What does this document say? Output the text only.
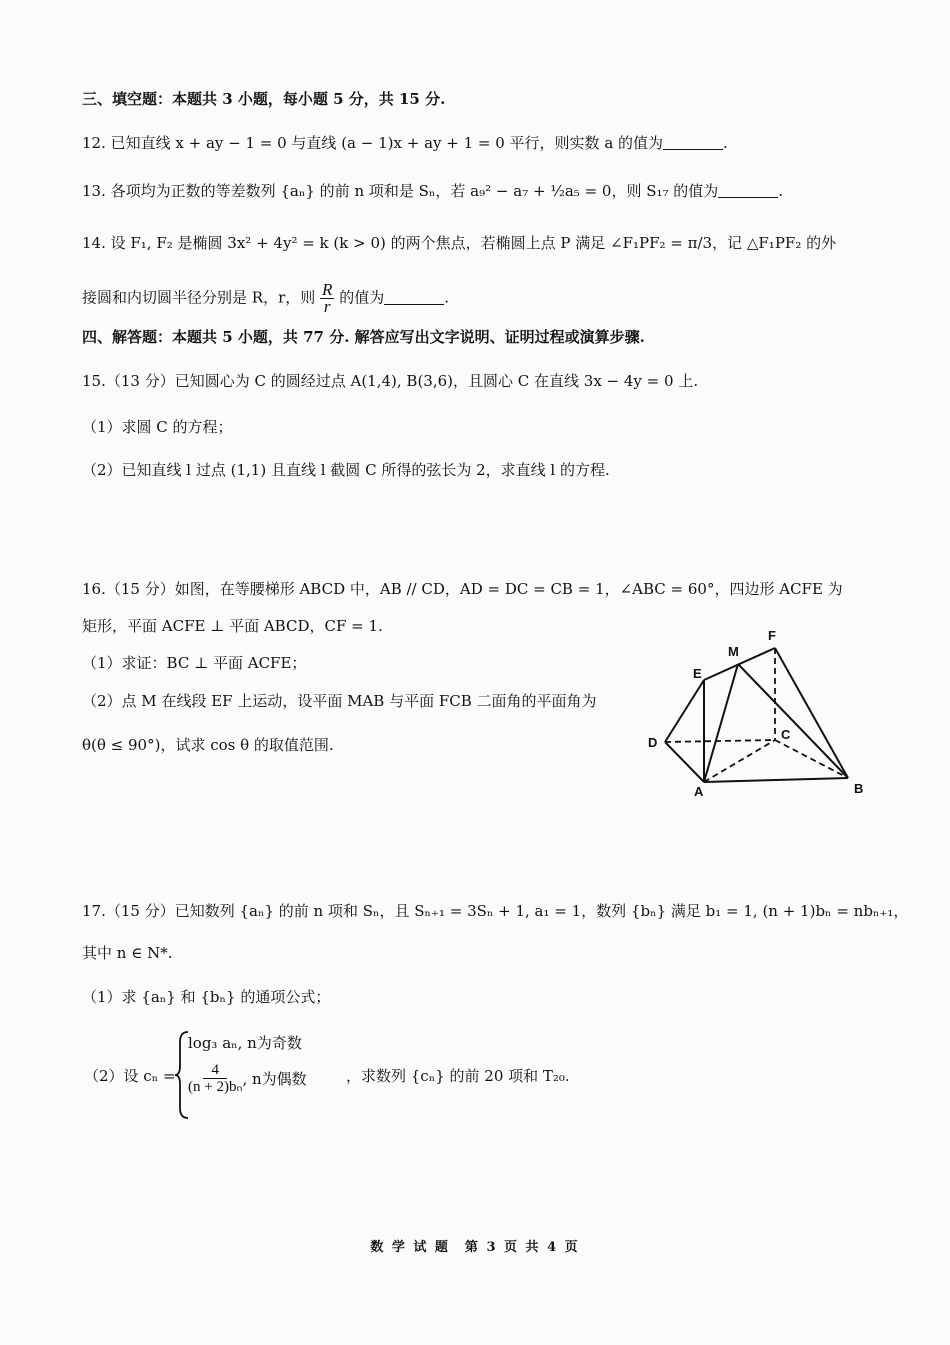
三、填空题：本题共 3 小题，每小题 5 分，共 15 分.
12. 已知直线 x + ay − 1 = 0 与直线 (a − 1)x + ay + 1 = 0 平行，则实数 a 的值为	.
13. 各项均为正数的等差数列 {aₙ} 的前 n 项和是 Sₙ，若 a₉² − a₇ + ½a₅ = 0，则 S₁₇ 的值为	.
14. 设 F₁, F₂ 是椭圆 3x² + 4y² = k (k > 0) 的两个焦点，若椭圆上点 P 满足 ∠F₁PF₂ = π/3，记 △F₁PF₂ 的外
接圆和内切圆半径分别是 R，r，则 $\frac{R}{r}$ 的值为	.
四、解答题：本题共 5 小题，共 77 分. 解答应写出文字说明、证明过程或演算步骤.
15.（13 分）已知圆心为 C 的圆经过点 A(1,4), B(3,6)，且圆心 C 在直线 3x − 4y = 0 上.
（1）求圆 C 的方程；
（2）已知直线 l 过点 (1,1) 且直线 l 截圆 C 所得的弦长为 2，求直线 l 的方程.
16.（15 分）如图，在等腰梯形 ABCD 中，AB // CD，AD = DC = CB = 1，∠ABC = 60°，四边形 ACFE 为
矩形，平面 ACFE ⊥ 平面 ABCD，CF = 1.
（1）求证：BC ⊥ 平面 ACFE；
（2）点 M 在线段 EF 上运动，设平面 MAB 与平面 FCB 二面角的平面角为
θ(θ ≤ 90°)，试求 cos θ 的取值范围.
F
M
E
C
D
A	B
17.（15 分）已知数列 {aₙ} 的前 n 项和 Sₙ，且 Sₙ₊₁ = 3Sₙ + 1, a₁ = 1，数列 {bₙ} 满足 b₁ = 1, (n + 1)bₙ = nbₙ₊₁，
其中 n ∈ N*.
（1）求 {aₙ} 和 {bₙ} 的通项公式；
（2）设 cₙ =
log₃ aₙ, n为奇数
$\frac{4}{\text{(n + 2)bₙ}}$ , n为偶数	，求数列 {cₙ} 的前 20 项和 T₂₀.
数 学 试 题　第 3 页 共 4 页
